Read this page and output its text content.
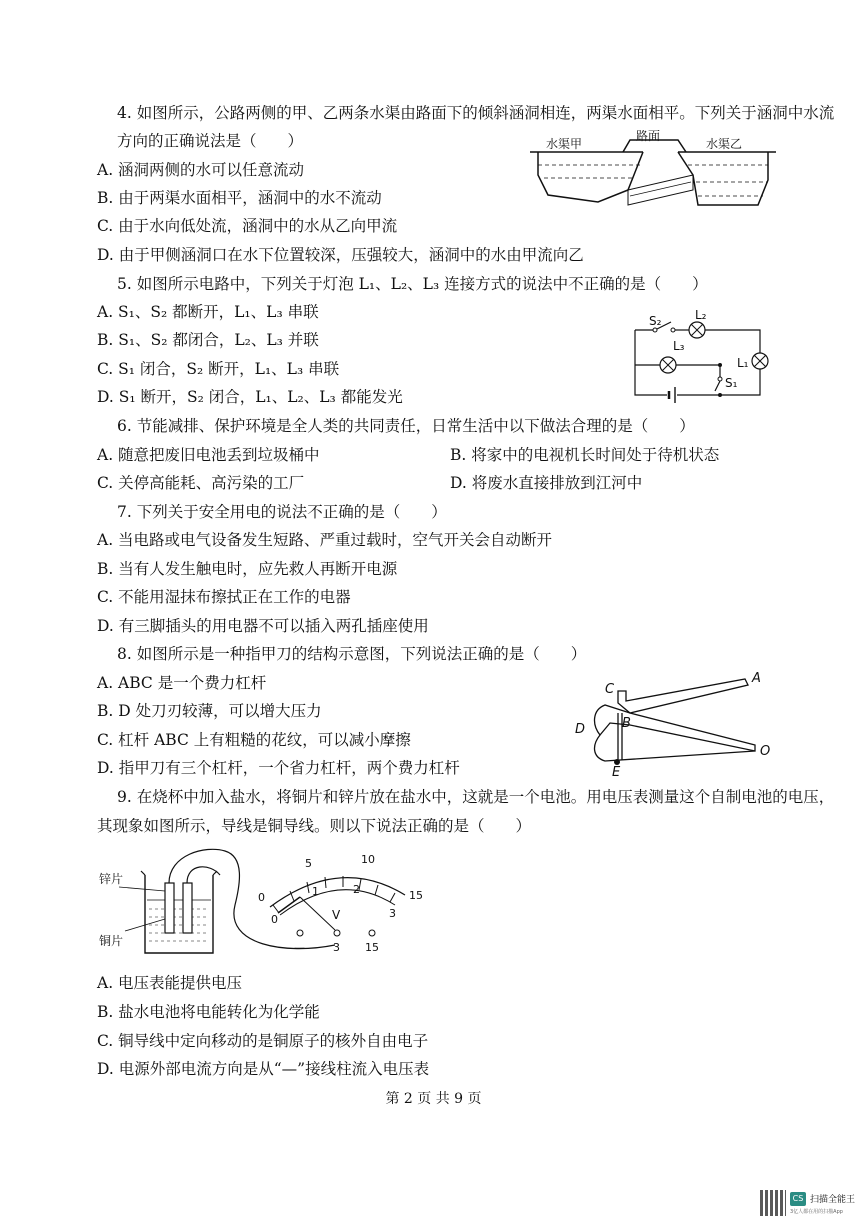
4. 如图所示，公路两侧的甲、乙两条水渠由路面下的倾斜涵洞相连，两渠水面相平。下列关于涵洞中水流
方向的正确说法是（　　）
A. 涵洞两侧的水可以任意流动
B. 由于两渠水面相平，涵洞中的水不流动
C. 由于水向低处流，涵洞中的水从乙向甲流
D. 由于甲侧涵洞口在水下位置较深，压强较大，涵洞中的水由甲流向乙
水渠甲
路面
水渠乙
5. 如图所示电路中，下列关于灯泡 L₁、L₂、L₃ 连接方式的说法中不正确的是（　　）
A. S₁、S₂ 都断开，L₁、L₃ 串联
B. S₁、S₂ 都闭合，L₂、L₃ 并联
C. S₁ 闭合，S₂ 断开，L₁、L₃ 串联
D. S₁ 断开，S₂ 闭合，L₁、L₂、L₃ 都能发光
S₂	L₂
L₃
L₁
S₁
6. 节能减排、保护环境是全人类的共同责任，日常生活中以下做法合理的是（　　）
A. 随意把废旧电池丢到垃圾桶中	B. 将家中的电视机长时间处于待机状态
C. 关停高能耗、高污染的工厂	D. 将废水直接排放到江河中
7. 下列关于安全用电的说法不正确的是（　　）
A. 当电路或电气设备发生短路、严重过载时，空气开关会自动断开
B. 当有人发生触电时，应先救人再断开电源
C. 不能用湿抹布擦拭正在工作的电器
D. 有三脚插头的用电器不可以插入两孔插座使用
8. 如图所示是一种指甲刀的结构示意图，下列说法正确的是（　　）
A. ABC 是一个费力杠杆
B. D 处刀刃较薄，可以增大压力
C. 杠杆 ABC 上有粗糙的花纹，可以减小摩擦
D. 指甲刀有三个杠杆，一个省力杠杆，两个费力杠杆
C
A
B
D
E
O
9. 在烧杯中加入盐水，将铜片和锌片放在盐水中，这就是一个电池。用电压表测量这个自制电池的电压，
其现象如图所示，导线是铜导线。则以下说法正确的是（　　）
锌片
铜片
0
5	10
15
0
1	2
3
V
—	3 15
A. 电压表能提供电压
B. 盐水电池将电能转化为化学能
C. 铜导线中定向移动的是铜原子的核外自由电子
D. 电源外部电流方向是从“—”接线柱流入电压表
第 2 页 共 9 页
CS 扫描全能王
3亿人都在用的扫描App
